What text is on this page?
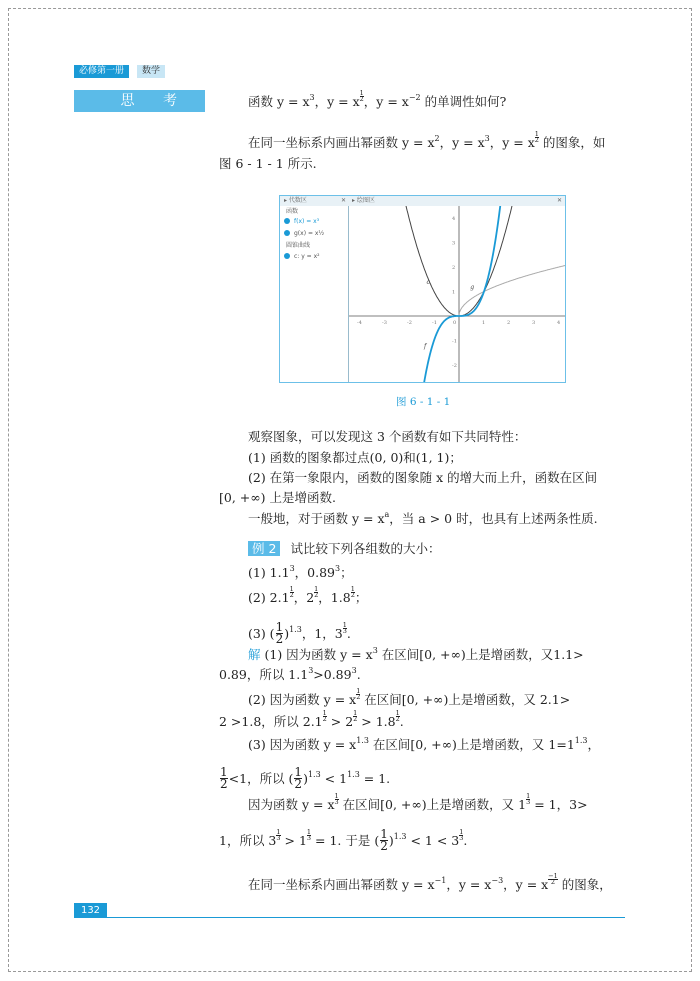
必修第一册	数学
思 考	函数 $y = x^3$，y = x $\frac{1}{2}$ ，$y = x^{-2}$ 的单调性如何?
在同一坐标系内画出幂函数 $y = x^2$，$y = x^3$，y = x $\frac{1}{2}$ 的图象，如
图 6 - 1 - 1 所示.
观察图象，可以发现这 3 个函数有如下共同特性：
(1) 函数的图象都过点(0, 0)和(1, 1)；
(2) 在第一象限内，函数的图象随 x 的增大而上升，函数在区间
[0, +∞) 上是增函数.
一般地，对于函数 $y = x^a$，当 a > 0 时，也具有上述两条性质.
例 2 试比较下列各组数的大小：
(1) $1.1^3$，0.89$^3$；
(2) $2.1 \frac{1}{2}$ ，$2 \frac{1}{2}$ ，$1.8 \frac{1}{2}$ ；
(3) ( $\frac{1}{2} )^{1.3}$，1，$3 \frac{1}{3}$ .
解 (1) 因为函数 $y = x^3$ 在区间[0, +∞)上是增函数，又1.1>
0.89，所以 $1.1^3>0.89^3$.
(2) 因为函数 y = x $\frac{1}{2}$ 在区间[0, +∞)上是增函数，又 2.1>
2 >1.8，所以 $2.1 \frac{1}{2} > 2 \frac{1}{2} > 1.8 \frac{1}{2}$ .
(3) 因为函数 $y = x^{1.3}$ 在区间[0, +∞)上是增函数，又 $1=1^{1.3}$，
$\frac{1}{2} <1$，所以 ( $\frac{1}{2} )^{1.3} < 1^{1.3} = 1$.
因为函数 y = x $\frac{1}{3}$ 在区间[0, +∞)上是增函数，又 $1 \frac{1}{3} = 1$，3>
1，所以 $3 \frac{1}{3} > 1 \frac{1}{3} = 1$. 于是 ( $\frac{1}{2} )^{1.3} < 1 < 3 \frac{1}{3}$ .
在同一坐标系内画出幂函数 $y = x^{-1}$，$y = x^{-3}$，y = x $\frac{-1}{2}$ 的图象，
▸ 代数区	✕	▸ 绘图区	✕
函数
f(x) = x³
g(x) = x½
圆锥曲线
c: y = x²
-4	-3	-2	-1	0	1	2	3	4
4
3
2
1
-1
-2
c
f
g
图 6 - 1 - 1
132
